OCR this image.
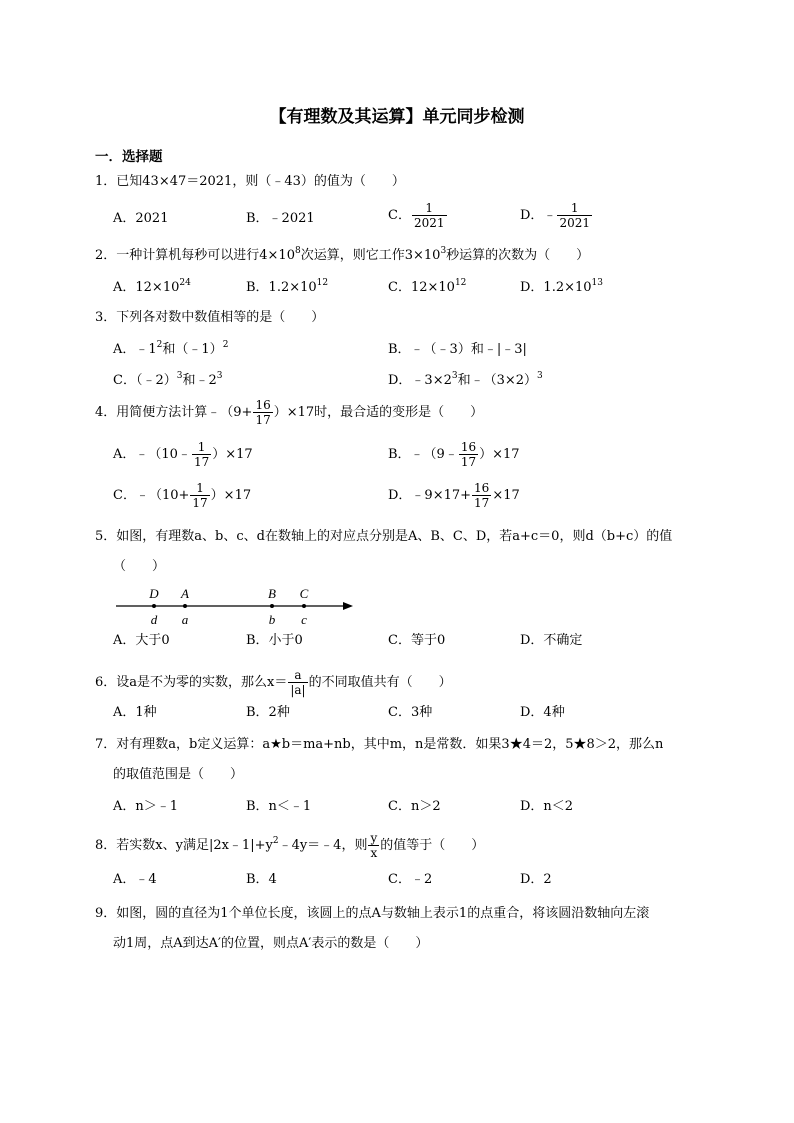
【有理数及其运算】单元同步检测
一．选择题
1．已知43×47＝2021，则（﹣43）的值为（　　）
A．2021	B．﹣2021	C． $\frac{1}{2021}$	D．﹣ $\frac{1}{2021}$
2．一种计算机每秒可以进行$4\times 10^8$次运算，则它工作$3\times 10^3$秒运算的次数为（　　）
A．$12\times 10^{24}$	B．$1.2\times 10^{12}$	C．$12\times 10^{12}$	D．$1.2\times 10^{13}$
3．下列各对数中数值相等的是（　　）
A．$﹣1^2$和（﹣1）$^2$	B．﹣（﹣3）和﹣|﹣3|
C．（﹣2）$^3$和$﹣2^3$	D．$﹣3\times 2^3$和$﹣(3\times 2)^3$
4．用简便方法计算﹣（9+ $\frac{16}{17} )\times 17$时，最合适的变形是（　　）
A．﹣（10﹣ $\frac{1}{17} )\times 17$	B．﹣（9﹣ $\frac{16}{17} )\times 17$
C．﹣（10+ $\frac{1}{17} )\times 17$	D．﹣9×17+ $\frac{16}{17} \times 17$
5．如图，有理数a、b、c、d在数轴上的对应点分别是A、B、C、D，若a+c＝0，则d（b+c）的值
（　　）
D A	B C
d a	b c
A．大于0	B．小于0	C．等于0	D．不确定
6．设a是不为零的实数，那么$x= \frac{a}{|a|}$ 的不同取值共有（　　）
A．1种	B．2种	C．3种	D．4种
7．对有理数a，b定义运算：a★b＝ma+nb，其中m，n是常数．如果3★4＝2，5★8＞2，那么n
的取值范围是（　　）
A．n＞﹣1	B．n＜﹣1	C．n＞2	D．n＜2
8．若实数x、y满足$|2x﹣1|+y^2﹣4y=﹣4$，则 $\frac{y}{x}$ 的值等于（　　）
A．﹣4	B．4	C．﹣2	D．2
9．如图，圆的直径为1个单位长度，该圆上的点A与数轴上表示1的点重合，将该圆沿数轴向左滚
动1周，点A到达A′的位置，则点A′表示的数是（　　）
